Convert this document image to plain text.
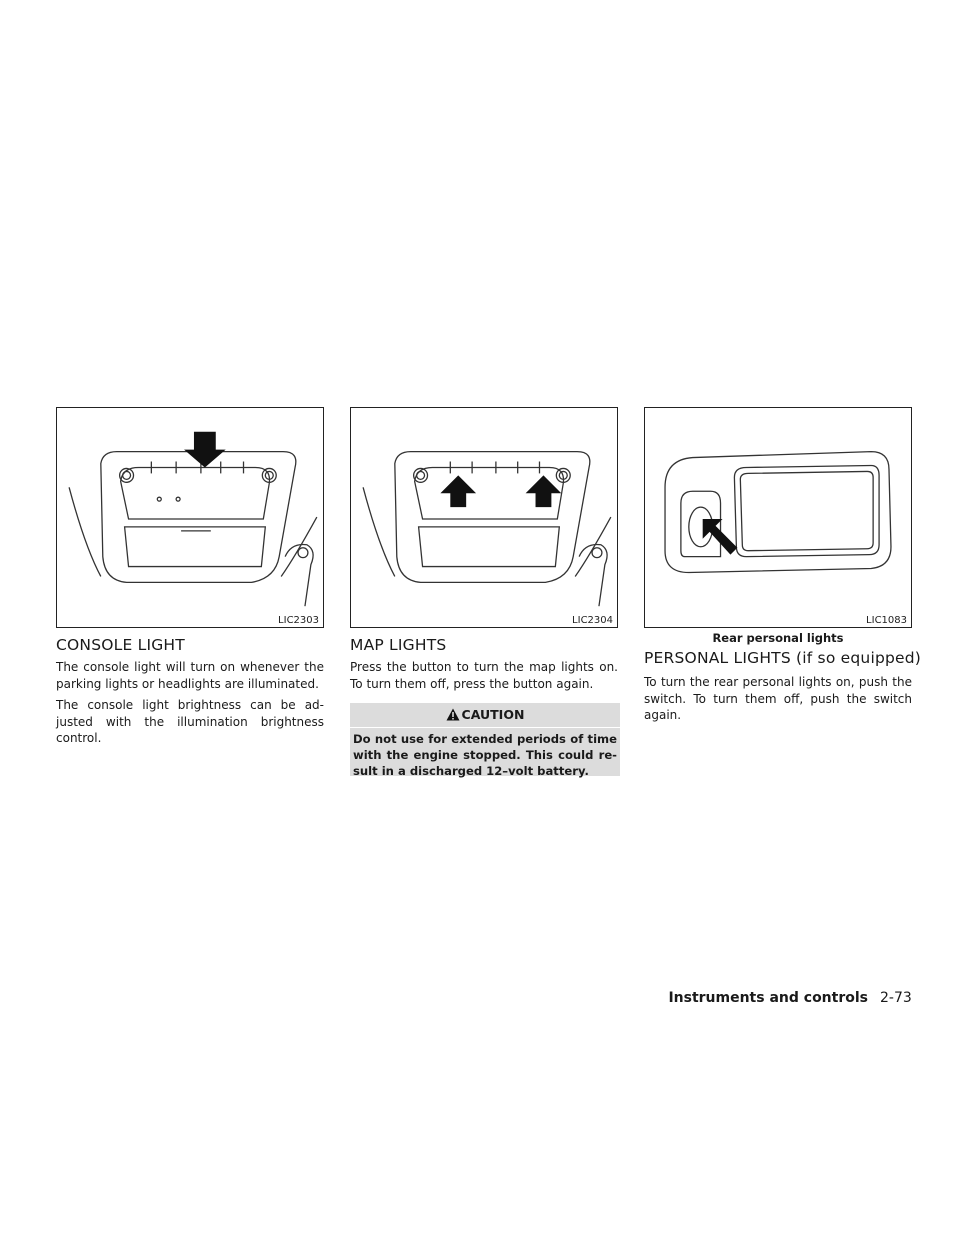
LIC2303	LIC2304	LIC1083
Rear personal lights
CONSOLE LIGHT

The console light will turn on whenever the parking lights or headlights are illuminated.

The console light brightness can be ad- justed with the illumination brightness control.

MAP LIGHTS

Press the button to turn the map lights on. To turn them off, press the button again.

CAUTION
Do not use for extended periods of time with the engine stopped. This could re- sult in a discharged 12–volt battery.
PERSONAL LIGHTS (if so equipped)

To turn the rear personal lights on, push the switch. To turn them off, push the switch again.

Instruments and controls 2-73
